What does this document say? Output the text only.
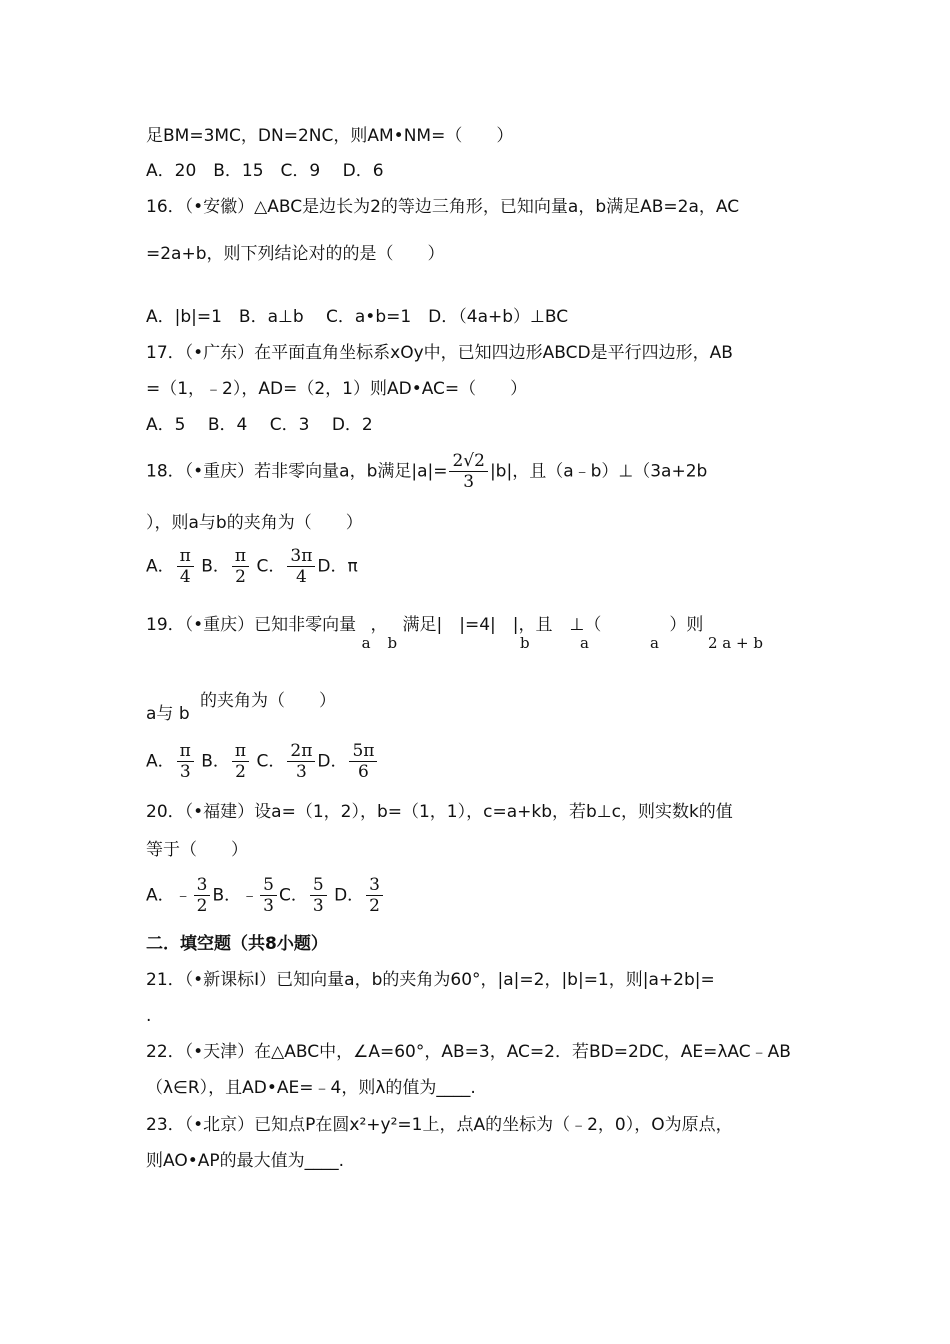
足BM=3MC，DN=2NC，则AM•NM=（　　）
A．20　B．15　C．9　 D．6
16．（•安徽）△ABC是边长为2的等边三角形，已知向量a，b满足AB=2a，AC
=2a+b，则下列结论对的的是（　　）
A．|b|=1　B．a⊥b　 C．a•b=1　D．（4a+b）⊥BC
17．（•广东）在平面直角坐标系xOy中，已知四边形ABCD是平行四边形，AB
=（1，﹣2），AD=（2，1）则AD•AC=（　　）
A．5　 B．4　 C．3　 D．2
18．（•重庆）若非零向量a，b满足$|a|= \frac{2√2}{3} |b|$，且（a﹣b）⊥（3a+2b
），则a与b的夹角为（　　）
A． $\frac{\pi}{4}$ B． $\frac{\pi}{2}$ C． $\frac{3\pi}{4}$ D．π
19．（•重庆）已知非零向量 a，b 满足|　|=4|　|，且　⊥（　　　　）则
b	a	a	2 a + b
的夹角为（　　）
a与 b
A． $\frac{\pi}{3}$ B． $\frac{\pi}{2}$ C． $\frac{2\pi}{3}$ D． $\frac{5\pi}{6}$
20．（•福建）设a=（1，2），b=（1，1），c=a+kb，若b⊥c，则实数k的值
等于（　　）
A．﹣ $\frac{3}{2}$ B．﹣ $\frac{5}{3}$ C． $\frac{5}{3}$ D． $\frac{3}{2}$
二．填空题（共8小题）
21．（•新课标Ⅰ）已知向量a，b的夹角为60°，|a|=2，|b|=1，则|a+2b|=
.
22．（•天津）在△ABC中，∠A=60°，AB=3，AC=2．若BD=2DC，AE=λAC﹣AB
（λ∈R），且AD•AE=﹣4，则λ的值为____.
23．（•北京）已知点P在圆x²+y²=1上，点A的坐标为（﹣2，0），O为原点，
则AO•AP的最大值为____.
